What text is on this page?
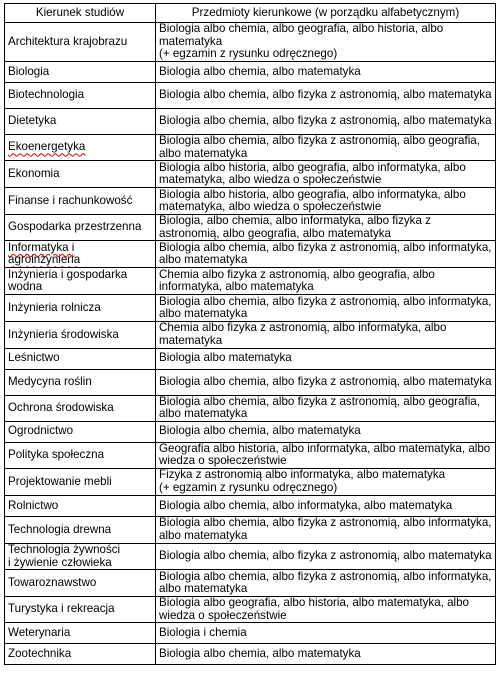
Kierunek studiów	Przedmioty kierunkowe (w porządku alfabetycznym)
Architektura krajobrazu	Biologia albo chemia, albo geografia, albo historia, albo matematyka
(+ egzamin z rysunku odręcznego)
Biologia	Biologia albo chemia, albo matematyka
Biotechnologia	Biologia albo chemia, albo fizyka z astronomią, albo matematyka
Dietetyka	Biologia albo chemia, albo fizyka z astronomią, albo matematyka
Ekoenergetyka	Biologia albo chemia, albo fizyka z astronomią, albo geografia, albo matematyka
Ekonomia	Biologia albo historia, albo geografia, albo informatyka, albo matematyka, albo wiedza o społeczeństwie
Finanse i rachunkowość	Biologia albo historia, albo geografia, albo informatyka, albo matematyka, albo wiedza o społeczeństwie
Gospodarka przestrzenna	Biologia, albo chemia, albo informatyka, albo fizyka z astronomią, albo geografia, albo matematyka
Informatyka i
agroinżynieria	Biologia albo chemia, albo fizyka z astronomią, albo informatyka, albo matematyka
Inżynieria i gospodarka
wodna	Chemia albo fizyka z astronomią, albo geografia, albo informatyka, albo matematyka
Inżynieria rolnicza	Biologia albo chemia, albo fizyka z astronomią, albo informatyka, albo matematyka
Inżynieria środowiska	Chemia albo fizyka z astronomią, albo informatyka, albo matematyka
Leśnictwo	Biologia albo matematyka
Medycyna roślin	Biologia albo chemia, albo fizyka z astronomią, albo matematyka
Ochrona środowiska	Biologia albo chemia, albo fizyka z astronomią, albo geografia, albo matematyka
Ogrodnictwo	Biologia albo chemia, albo matematyka
Polityka społeczna	Geografia albo historia, albo informatyka, albo matematyka, albo wiedza o społeczeństwie
Projektowanie mebli	Fizyka z astronomią albo informatyka, albo matematyka
(+ egzamin z rysunku odręcznego)
Rolnictwo	Biologia albo chemia, albo informatyka, albo matematyka
Technologia drewna	Biologia albo chemia, albo fizyka z astronomią, albo informatyka, albo matematyka
Technologia żywności
i żywienie człowieka	Biologia albo chemia, albo fizyka z astronomią, albo matematyka
Towaroznawstwo	Biologia albo chemia, albo fizyka z astronomią, albo informatyka, albo matematyka
Turystyka i rekreacja	Biologia albo geografia, albo historia, albo matematyka, albo wiedza o społeczeństwie
Weterynaria	Biologia i chemia
Zootechnika	Biologia albo chemia, albo matematyka
